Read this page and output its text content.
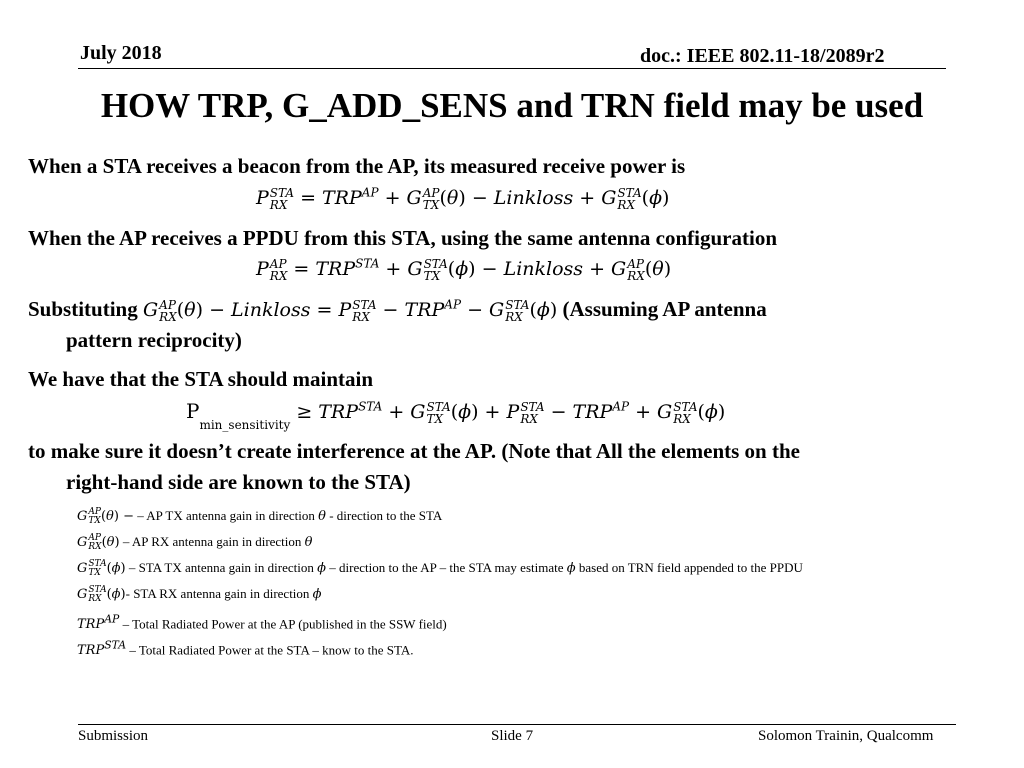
July 2018	doc.: IEEE 802.11-18/2089r2
HOW TRP, G_ADD_SENS and TRN field may be used
When a STA receives a beacon from the AP, its measured receive power is
P STA
RX = $TRP^{AP} + G$ AP
TX (θ) − Linkloss + G STA
RX (ϕ)
When the AP receives a PPDU from this STA, using the same antenna configuration
P AP
RX = $TRP^{STA} + G$ STA
TX (ϕ) − Linkloss + G AP
RX (θ)
Substituting G AP
RX (θ) − Linkloss = P STA
RX − $TRP^{AP} - G$ STA
RX (ϕ) (Assuming AP antenna
pattern reciprocity)
We have that the STA should maintain
$P_{min\_sensitivity} \ge TRP^{STA} + G$ STA
TX (ϕ) + P STA
RX − $TRP^{AP} + G$ STA
RX (ϕ)
to make sure it doesn’t create interference at the AP. (Note that All the elements on the
right-hand side are known to the STA)
G AP
TX (θ) − – AP TX antenna gain in direction θ - direction to the STA
G AP
RX (θ) – AP RX antenna gain in direction θ
G STA
TX (ϕ) – STA TX antenna gain in direction ϕ – direction to the AP – the STA may estimate ϕ based on TRN field appended to the PPDU
G STA
RX (ϕ)- STA RX antenna gain in direction ϕ
$TRP^{AP}$ – Total Radiated Power at the AP (published in the SSW field)
$TRP^{STA}$ – Total Radiated Power at the STA – know to the STA.
Submission	Slide 7	Solomon Trainin, Qualcomm
